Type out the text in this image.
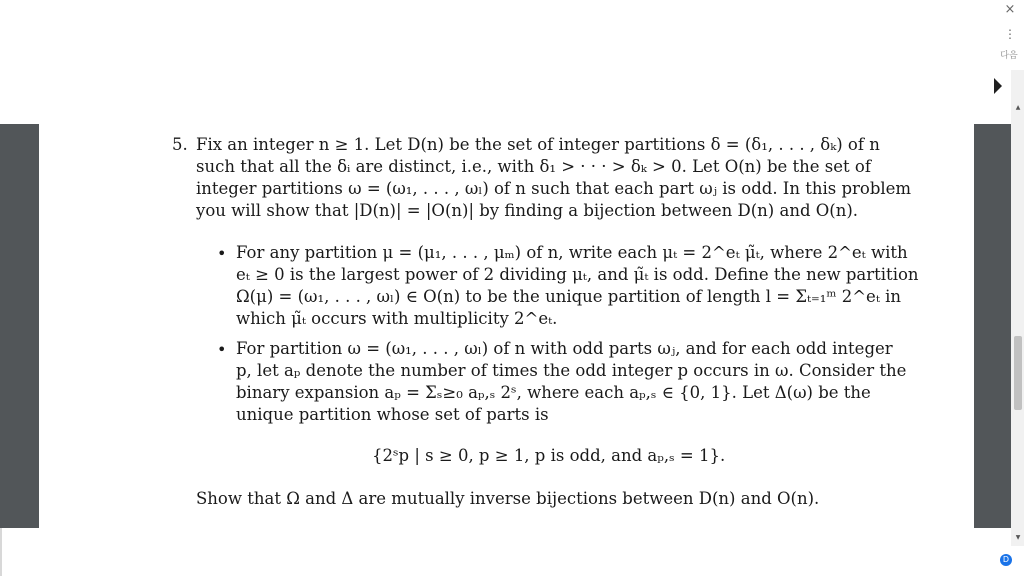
×
⋮
다음
▲
▼
D
5. Fix an integer n ≥ 1. Let D(n) be the set of integer partitions δ = (δ₁, . . . , δₖ) of n
such that all the δᵢ are distinct, i.e., with δ₁ > · · · > δₖ > 0. Let O(n) be the set of
integer partitions ω = (ω₁, . . . , ωₗ) of n such that each part ωⱼ is odd. In this problem
you will show that |D(n)| = |O(n)| by finding a bijection between D(n) and O(n).
• For any partition μ = (μ₁, . . . , μₘ) of n, write each μₜ = 2^eₜ μ̃ₜ, where 2^eₜ with
eₜ ≥ 0 is the largest power of 2 dividing μₜ, and μ̃ₜ is odd. Define the new partition
Ω(μ) = (ω₁, . . . , ωₗ) ∈ O(n) to be the unique partition of length l = Σₜ₌₁ᵐ 2^eₜ in
which μ̃ₜ occurs with multiplicity 2^eₜ.
• For partition ω = (ω₁, . . . , ωₗ) of n with odd parts ωⱼ, and for each odd integer
p, let aₚ denote the number of times the odd integer p occurs in ω. Consider the
binary expansion aₚ = Σₛ≥₀ aₚ,ₛ 2ˢ, where each aₚ,ₛ ∈ {0, 1}. Let Δ(ω) be the
unique partition whose set of parts is
{2ˢp | s ≥ 0, p ≥ 1, p is odd, and aₚ,ₛ = 1}.
Show that Ω and Δ are mutually inverse bijections between D(n) and O(n).
